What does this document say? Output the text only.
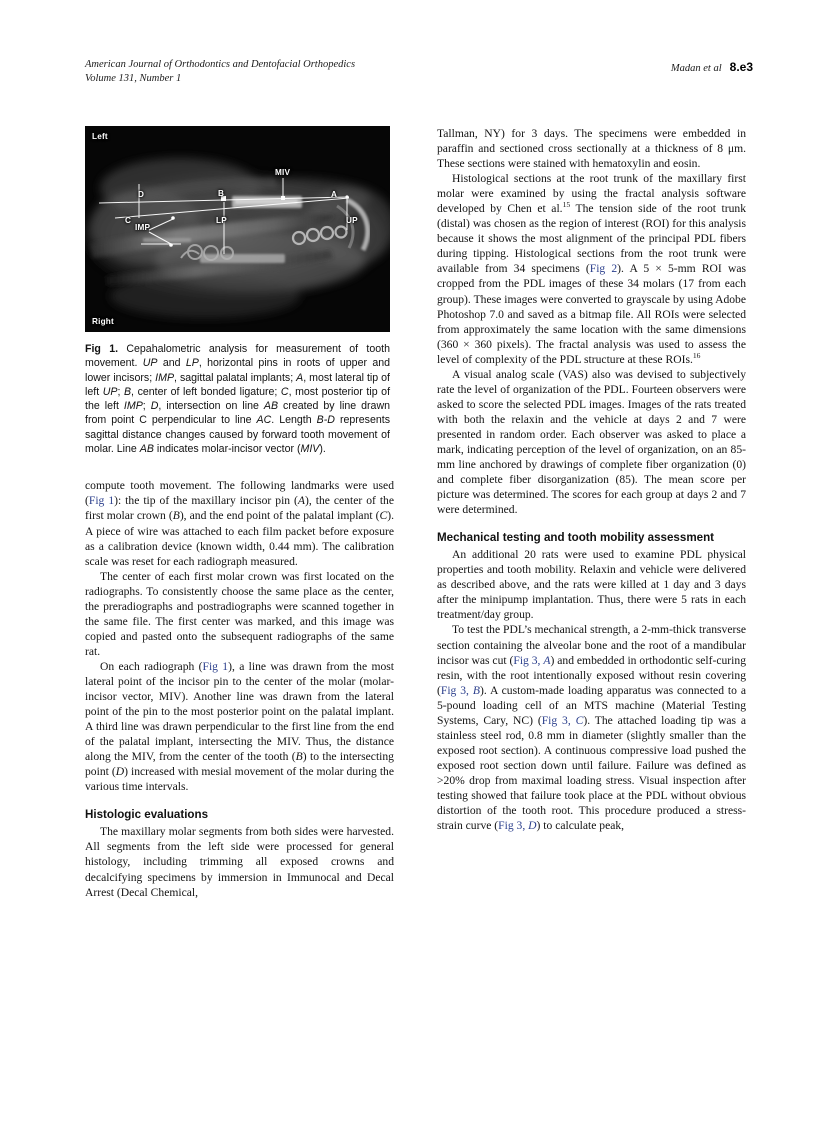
American Journal of Orthodontics and Dentofacial Orthopedics
Volume 131, Number 1
Madan et al 8.e3
Left
Right
MIV
D
C
IMP
B
LP
A
UP
Fig 1. Cepahalometric analysis for measurement of tooth movement. UP and LP, horizontal pins in roots of upper and lower incisors; IMP, sagittal palatal implants; A, most lateral tip of left UP; B, center of left bonded ligature; C, most posterior tip of the left IMP; D, intersection on line AB created by line drawn from point C perpendicular to line AC. Length B-D represents sagittal distance changes caused by forward tooth movement of molar. Line AB indicates molar-incisor vector (MIV).

compute tooth movement. The following landmarks were used (Fig 1): the tip of the maxillary incisor pin (A), the center of the first molar crown (B), and the end point of the palatal implant (C). A piece of wire was attached to each film packet before exposure as a calibration device (known width, 0.44 mm). The calibration scale was reset for each radiograph measured.

The center of each first molar crown was first located on the radiographs. To consistently choose the same place as the center, the preradiographs and postradiographs were scanned together in the same file. The first center was marked, and this image was copied and pasted onto the subsequent radiographs of the same rat.

On each radiograph (Fig 1), a line was drawn from the most lateral point of the incisor pin to the center of the molar (molar-incisor vector, MIV). Another line was drawn from the lateral point of the pin to the most posterior point on the palatal implant. A third line was drawn perpendicular to the first line from the end of the palatal implant, intersecting the MIV. Thus, the distance along the MIV, from the center of the tooth (B) to the intersecting point (D) increased with mesial movement of the molar during the various time intervals.

Histologic evaluations

The maxillary molar segments from both sides were harvested. All segments from the left side were processed for general histology, including trimming all exposed crowns and decalcifying specimens by immersion in Immunocal and Decal Arrest (Decal Chemical,

Tallman, NY) for 3 days. The specimens were embedded in paraffin and sectioned cross sectionally at a thickness of 8 μm. These sections were stained with hematoxylin and eosin.

Histological sections at the root trunk of the maxillary first molar were examined by using the fractal analysis software developed by Chen et al.$^{15}$ The tension side of the root trunk (distal) was chosen as the region of interest (ROI) for this analysis because it shows the most alignment of the principal PDL fibers during tipping. Histological sections from the root trunk were available from 34 specimens (Fig 2). A 5 × 5-mm ROI was cropped from the PDL images of these 34 molars (17 from each group). These images were converted to grayscale by using Adobe Photoshop 7.0 and saved as a bitmap file. All ROIs were selected from approximately the same location with the same dimensions (360 × 360 pixels). The fractal analysis was used to assess the level of complexity of the PDL structure at these ROIs.$^{16}$

A visual analog scale (VAS) also was devised to subjectively rate the level of organization of the PDL. Fourteen observers were asked to score the selected PDL images. Images of the rats treated with both the relaxin and the vehicle at days 2 and 7 were presented in random order. Each observer was asked to place a mark, indicating perception of the level of organization, on an 85-mm line anchored by drawings of complete fiber organization (0) and complete fiber disorganization (85). The mean score per picture was determined. The scores for each group at days 2 and 7 were determined.

Mechanical testing and tooth mobility assessment

An additional 20 rats were used to examine PDL physical properties and tooth mobility. Relaxin and vehicle were delivered as described above, and the rats were killed at 1 day and 3 days after the minipump implantation. Thus, there were 5 rats in each treatment/day group.

To test the PDL’s mechanical strength, a 2-mm-thick transverse section containing the alveolar bone and the root of a mandibular incisor was cut (Fig 3, A) and embedded in orthodontic self-curing resin, with the root intentionally exposed without resin covering (Fig 3, B). A custom-made loading apparatus was connected to a 5-pound loading cell of an MTS machine (Material Testing Systems, Cary, NC) (Fig 3, C). The attached loading tip was a stainless steel rod, 0.8 mm in diameter (slightly smaller than the exposed root section). A continuous compressive load pushed the exposed root section down until failure. Failure was defined as >20% drop from maximal loading stress. Visual inspection after testing showed that failure took place at the PDL without obvious distortion of the tooth root. This procedure produced a stress-strain curve (Fig 3, D) to calculate peak,
